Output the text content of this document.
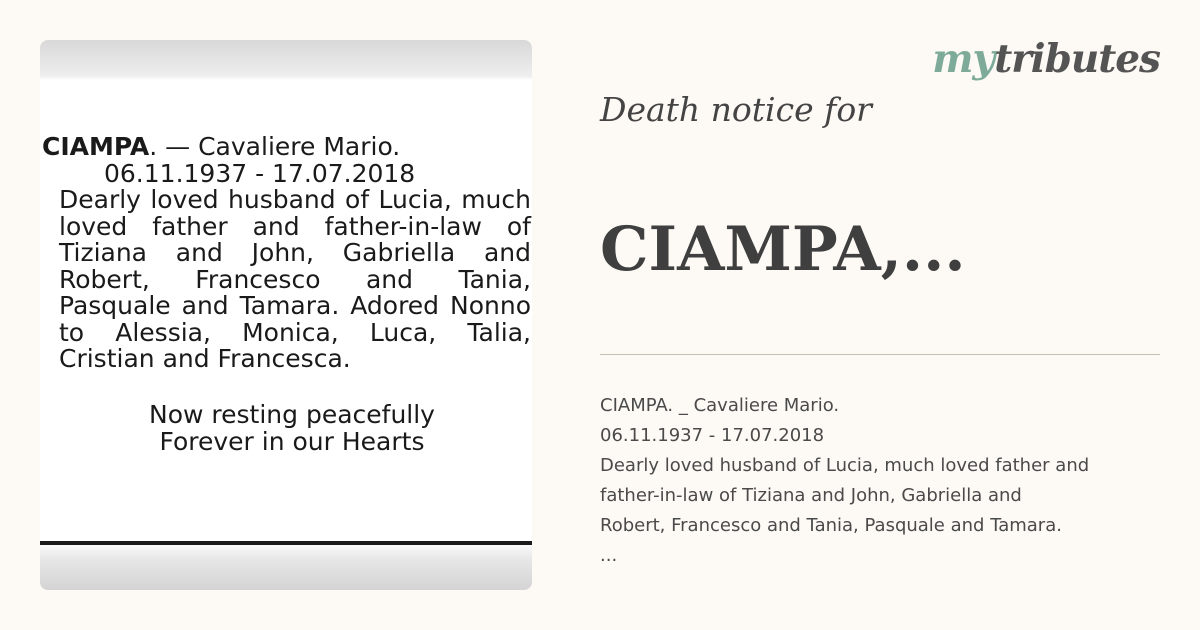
CIAMPA. — Cavaliere Mario.
06.11.1937 - 17.07.2018
Dearly loved husband of Lucia, much loved father and father-in-law of Tiziana and John, Gabriella and Robert, Francesco and Tania, Pasquale and Tamara. Adored Nonno to Alessia, Monica, Luca, Talia, Cristian and Francesca.
Now resting peacefully
Forever in our Hearts
mytributes
Death notice for
CIAMPA,...
CIAMPA. _ Cavaliere Mario.
06.11.1937 - 17.07.2018
Dearly loved husband of Lucia, much loved father and
father-in-law of Tiziana and John, Gabriella and
Robert, Francesco and Tania, Pasquale and Tamara.
...
